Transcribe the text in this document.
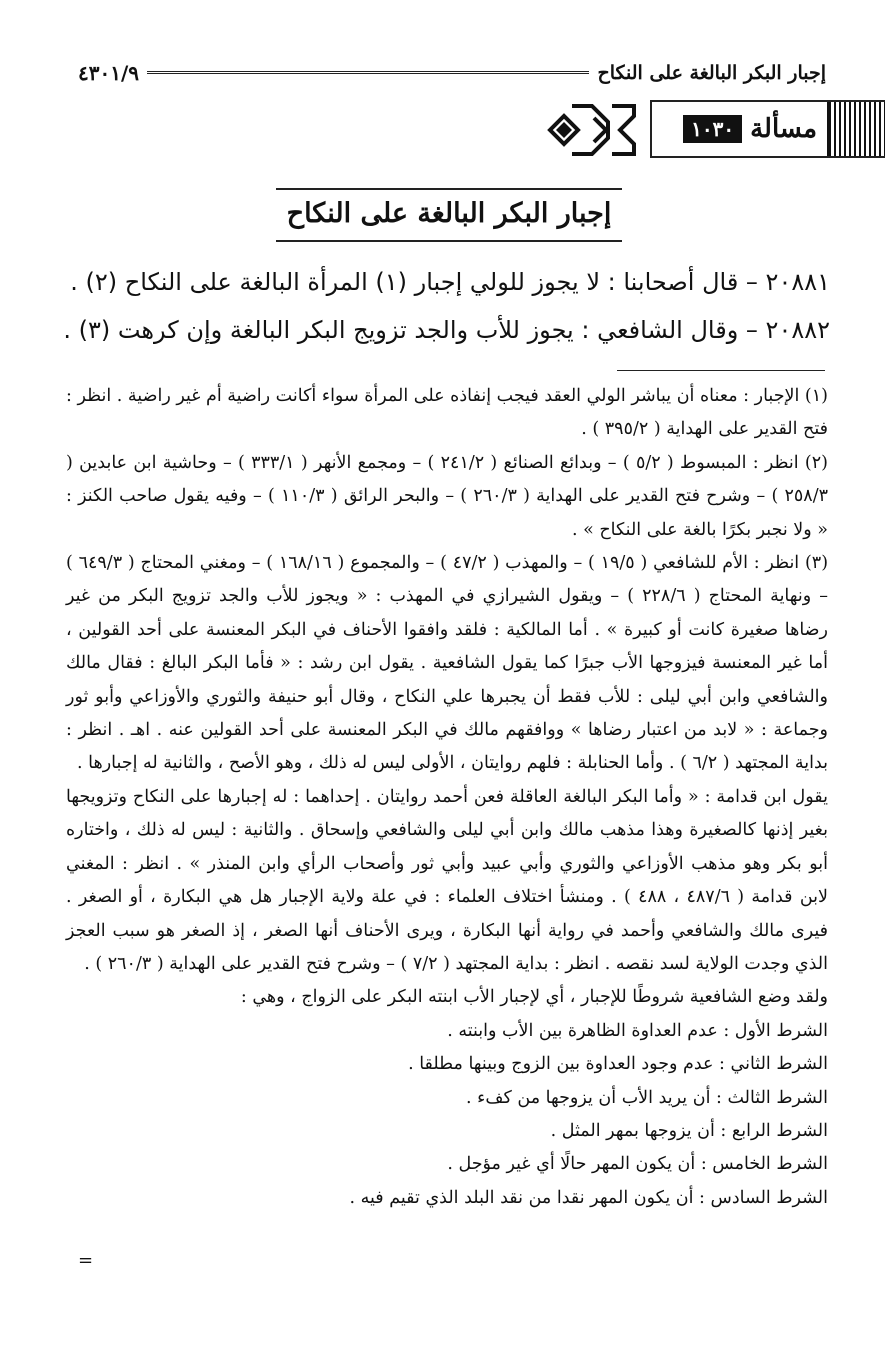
إجبار البكر البالغة على النكاح
٤٣٠١/٩
مسألة
١٠٣٠
إجبار البكر البالغة على النكاح

٢٠٨٨١ – قال أصحابنا : لا يجوز للولي إجبار (١) المرأة البالغة على النكاح (٢) .

٢٠٨٨٢ – وقال الشافعي : يجوز للأب والجد تزويج البكر البالغة وإن كرهت (٣) .

(١) الإجبار : معناه أن يباشر الولي العقد فيجب إنفاذه على المرأة سواء أكانت راضية أم غير راضية . انظر : فتح القدير على الهداية ( ٣٩٥/٢ ) .

(٢) انظر : المبسوط ( ٥/٢ ) – وبدائع الصنائع ( ٢٤١/٢ ) – ومجمع الأنهر ( ٣٣٣/١ ) – وحاشية ابن عابدين ( ٢٥٨/٣ ) – وشرح فتح القدير على الهداية ( ٢٦٠/٣ ) – والبحر الرائق ( ١١٠/٣ ) – وفيه يقول صاحب الكنز : « ولا نجبر بكرًا بالغة على النكاح » .

(٣) انظر : الأم للشافعي ( ١٩/٥ ) – والمهذب ( ٤٧/٢ ) – والمجموع ( ١٦٨/١٦ ) – ومغني المحتاج ( ٦٤٩/٣ ) – ونهاية المحتاج ( ٢٢٨/٦ ) – ويقول الشيرازي في المهذب : « ويجوز للأب والجد تزويج البكر من غير رضاها صغيرة كانت أو كبيرة » . أما المالكية : فلقد وافقوا الأحناف في البكر المعنسة على أحد القولين ، أما غير المعنسة فيزوجها الأب جبرًا كما يقول الشافعية . يقول ابن رشد : « فأما البكر البالغ : فقال مالك والشافعي وابن أبي ليلى : للأب فقط أن يجبرها علي النكاح ، وقال أبو حنيفة والثوري والأوزاعي وأبو ثور وجماعة : « لابد من اعتبار رضاها » ووافقهم مالك في البكر المعنسة على أحد القولين عنه . اهـ . انظر : بداية المجتهد ( ٦/٢ ) . وأما الحنابلة : فلهم روايتان ، الأولى ليس له ذلك ، وهو الأصح ، والثانية له إجبارها .

يقول ابن قدامة : « وأما البكر البالغة العاقلة فعن أحمد روايتان . إحداهما : له إجبارها على النكاح وتزويجها بغير إذنها كالصغيرة وهذا مذهب مالك وابن أبي ليلى والشافعي وإسحاق . والثانية : ليس له ذلك ، واختاره أبو بكر وهو مذهب الأوزاعي والثوري وأبي عبيد وأبي ثور وأصحاب الرأي وابن المنذر » . انظر : المغني لابن قدامة ( ٤٨٧/٦ ، ٤٨٨ ) . ومنشأ اختلاف العلماء : في علة ولاية الإجبار هل هي البكارة ، أو الصغر . فيرى مالك والشافعي وأحمد في رواية أنها البكارة ، ويرى الأحناف أنها الصغر ، إذ الصغر هو سبب العجز الذي وجدت الولاية لسد نقصه . انظر : بداية المجتهد ( ٧/٢ ) – وشرح فتح القدير على الهداية ( ٢٦٠/٣ ) .

ولقد وضع الشافعية شروطًا للإجبار ، أي لإجبار الأب ابنته البكر على الزواج ، وهي :

الشرط الأول : عدم العداوة الظاهرة بين الأب وابنته .

الشرط الثاني : عدم وجود العداوة بين الزوج وبينها مطلقا .

الشرط الثالث : أن يريد الأب أن يزوجها من كفء .

الشرط الرابع : أن يزوجها بمهر المثل .

الشرط الخامس : أن يكون المهر حالًا أي غير مؤجل .

الشرط السادس : أن يكون المهر نقدا من نقد البلد الذي تقيم فيه .

=
